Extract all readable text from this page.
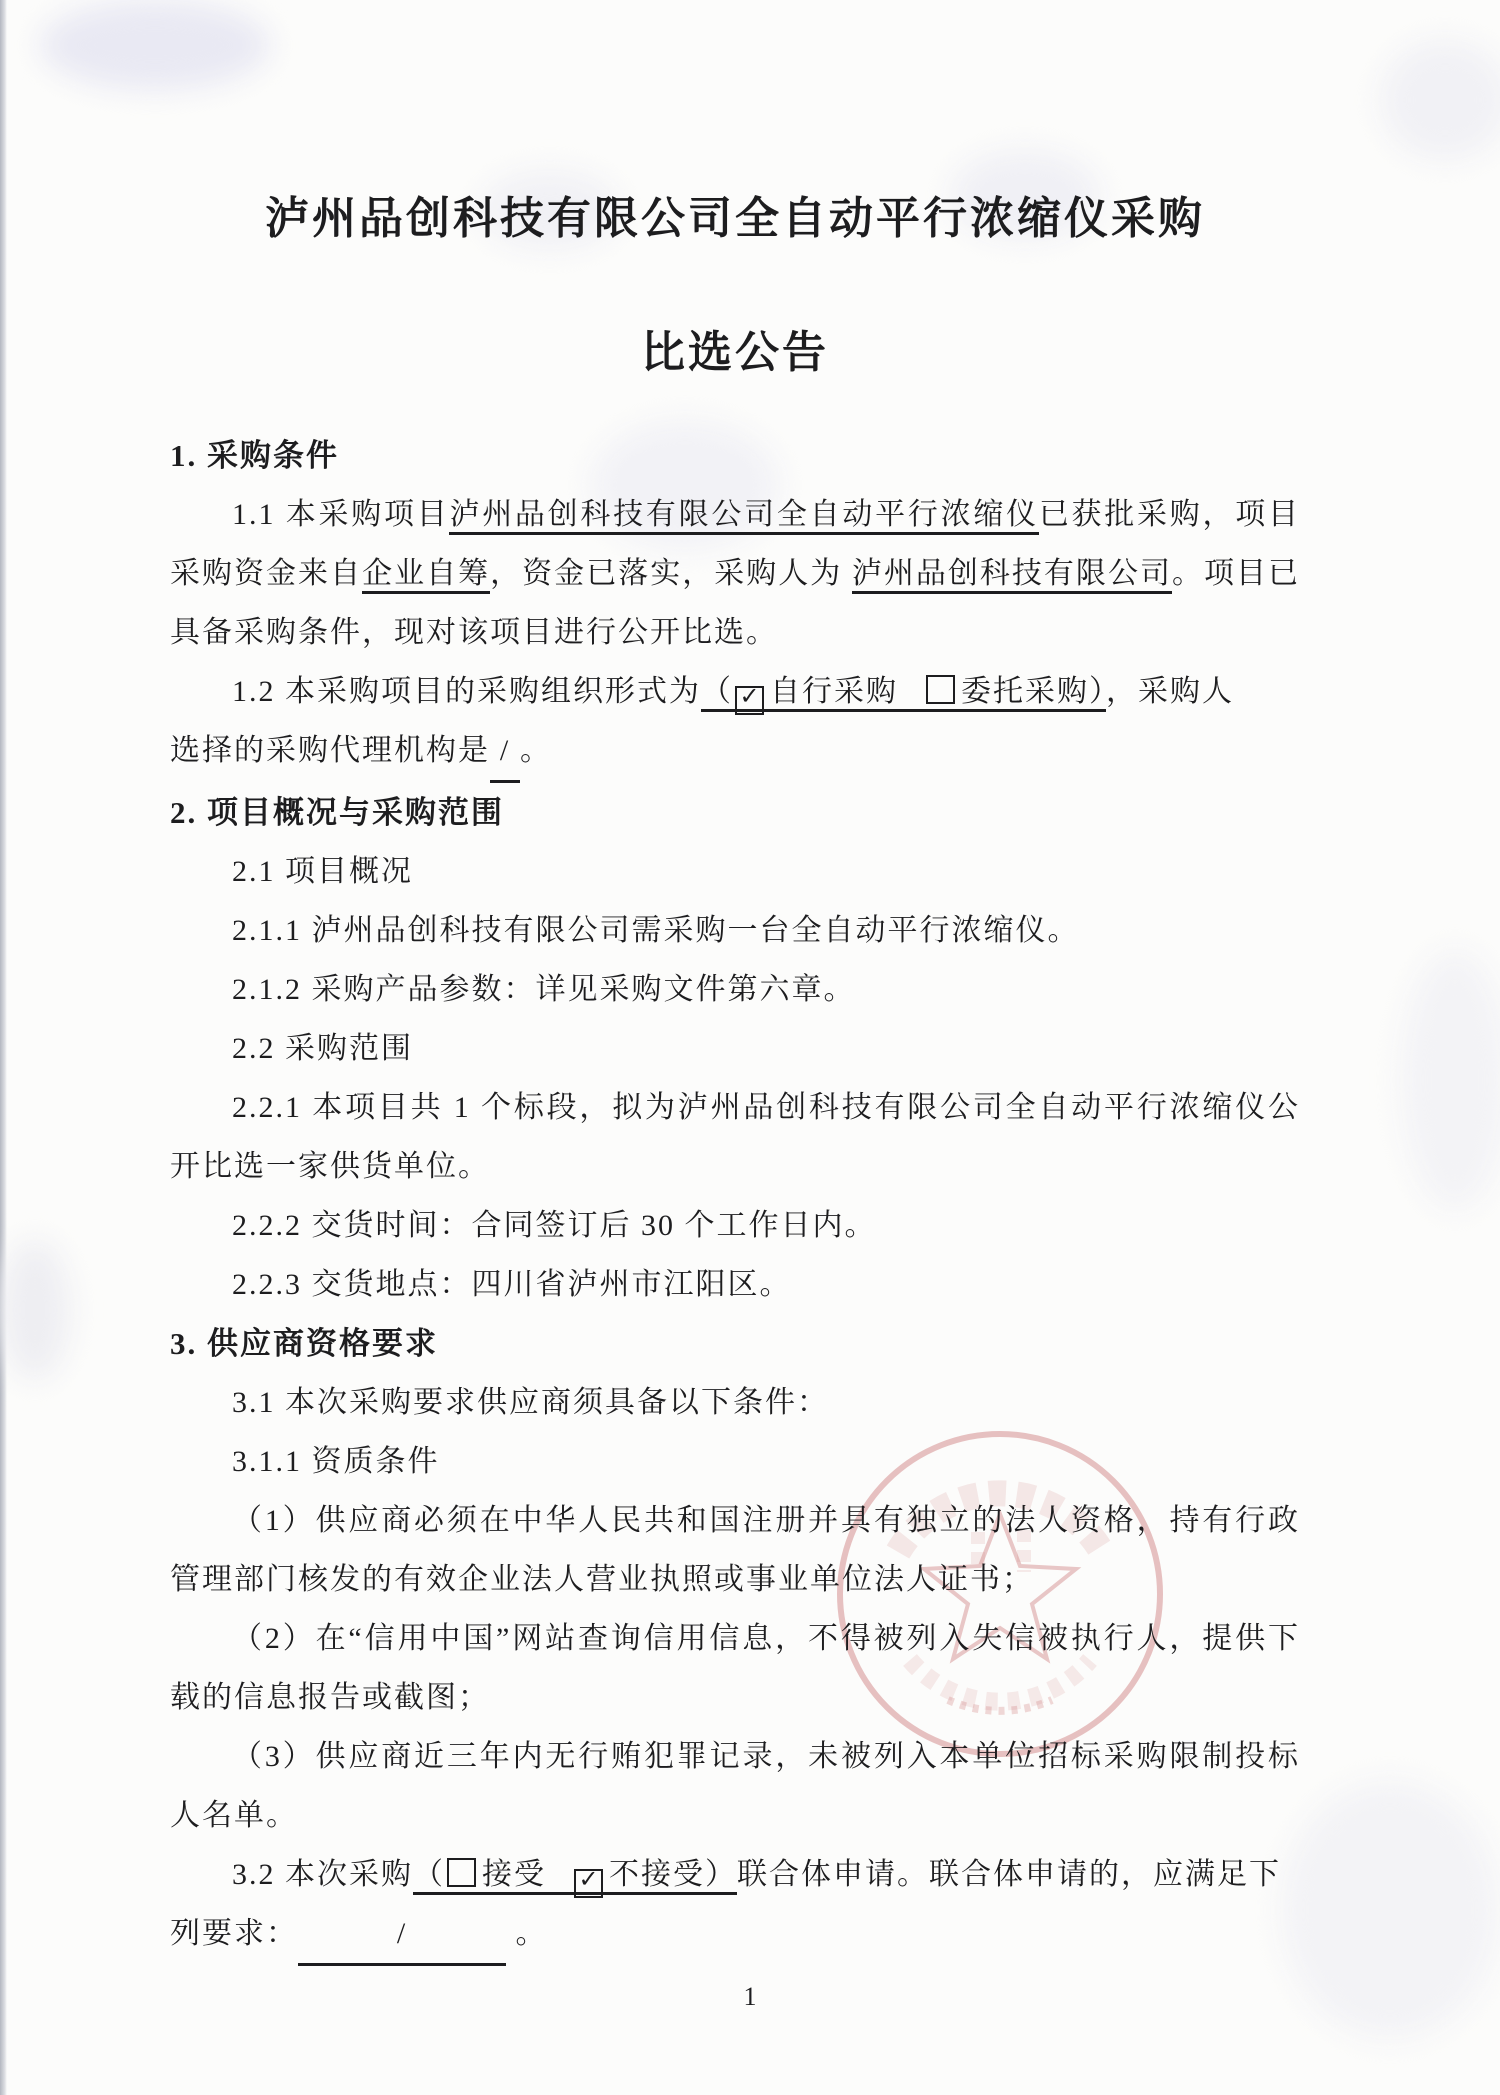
泸州品创科技有限公司全自动平行浓缩仪采购
比选公告
1. 采购条件

1.1 本采购项目泸州品创科技有限公司全自动平行浓缩仪已获批采购，项目采购资金来自企业自筹，资金已落实，采购人为 泸州品创科技有限公司。项目已具备采购条件，现对该项目进行公开比选。

1.2 本采购项目的采购组织形式为（ ✓ 自行采购 委托采购），采购人

选择的采购代理机构是 / 。

2. 项目概况与采购范围

2.1 项目概况

2.1.1 泸州品创科技有限公司需采购一台全自动平行浓缩仪。

2.1.2 采购产品参数：详见采购文件第六章。

2.2 采购范围

2.2.1 本项目共 1 个标段，拟为泸州品创科技有限公司全自动平行浓缩仪公开比选一家供货单位。

2.2.2 交货时间：合同签订后 30 个工作日内。

2.2.3 交货地点：四川省泸州市江阳区。

3. 供应商资格要求

3.1 本次采购要求供应商须具备以下条件：

3.1.1 资质条件

（1）供应商必须在中华人民共和国注册并具有独立的法人资格，持有行政管理部门核发的有效企业法人营业执照或事业单位法人证书；

（2）在“信用中国”网站查询信用信息，不得被列入失信被执行人，提供下载的信息报告或截图；

（3）供应商近三年内无行贿犯罪记录，未被列入本单位招标采购限制投标人名单。

3.2 本次采购（ 接受 ✓ 不接受）联合体申请。联合体申请的，应满足下

列要求：	/	。

1
